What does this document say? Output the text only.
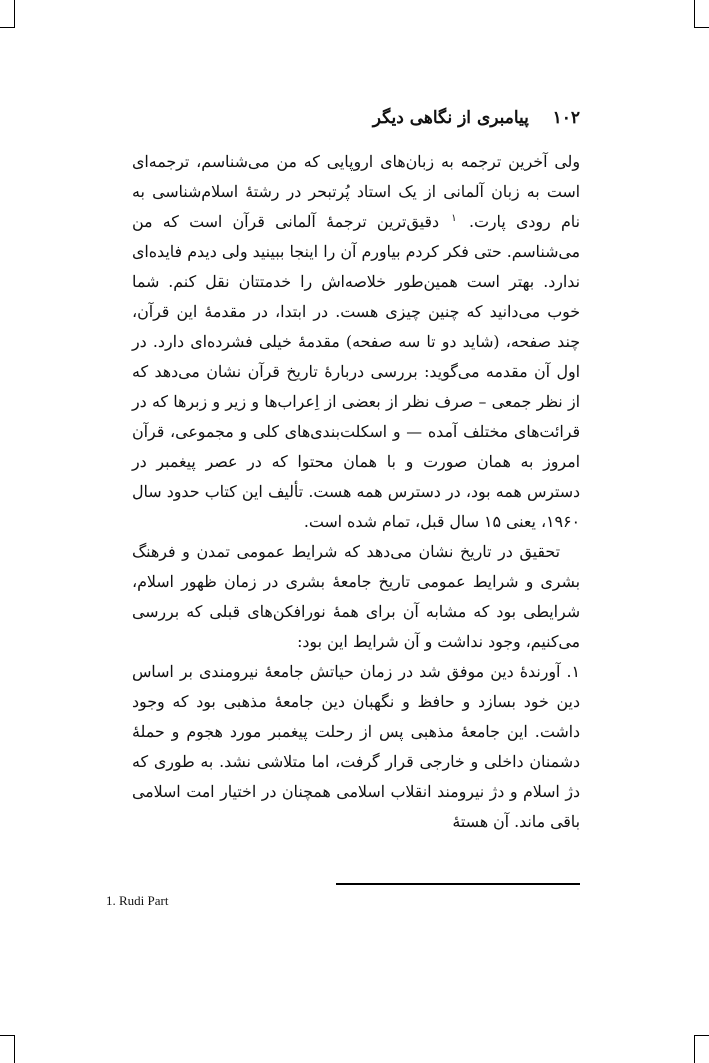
۱۰۲    پیامبری از نگاهی دیگر

ولی آخرین ترجمه به زبان‌های اروپایی که من می‌شناسم، ترجمه‌ای است به زبان آلمانی از یک استاد پُرتبحر در رشتهٔ اسلام‌شناسی به نام رودی پارت. $^۱$ دقیق‌ترین ترجمهٔ آلمانی قرآن است که من می‌شناسم. حتی فکر کردم بیاورم آن را اینجا ببینید ولی دیدم فایده‌ای ندارد. بهتر است همین‌طور خلاصه‌اش را خدمتتان نقل کنم. شما خوب می‌دانید که چنین چیزی هست. در ابتدا، در مقدمهٔ این قرآن، چند صفحه، (شاید دو تا سه صفحه) مقدمهٔ خیلی فشرده‌ای دارد. در اول آن مقدمه می‌گوید: بررسی دربارهٔ تاریخ قرآن نشان می‌دهد که از نظر جمعی – صرف نظر از بعضی از اِعراب‌ها و زیر و زبرها که در قرائت‌های مختلف آمده — و اسکلت‌بندی‌های کلی و مجموعی، قرآن امروز به همان صورت و با همان محتوا که در عصر پیغمبر در دسترس همه بود، در دسترس همه هست. تألیف این کتاب حدود سال ۱۹۶۰، یعنی ۱۵ سال قبل، تمام شده است.

تحقیق در تاریخ نشان می‌دهد که شرایط عمومی تمدن و فرهنگ بشری و شرایط عمومی تاریخ جامعهٔ بشری در زمان ظهور اسلام، شرایطی بود که مشابه آن برای همهٔ نورافکن‌های قبلی که بررسی می‌کنیم، وجود نداشت و آن شرایط این بود:

۱. آورندهٔ دین موفق شد در زمان حیاتش جامعهٔ نیرومندی بر اساس دین خود بسازد و حافظ و نگهبان دین جامعهٔ مذهبی بود که وجود داشت. این جامعهٔ مذهبی پس از رحلت پیغمبر مورد هجوم و حملهٔ دشمنان داخلی و خارجی قرار گرفت، اما متلاشی نشد. به طوری که دژ اسلام و دژ نیرومند انقلاب اسلامی همچنان در اختیار امت اسلامی باقی ماند. آن هستهٔ

1. Rudi Part
